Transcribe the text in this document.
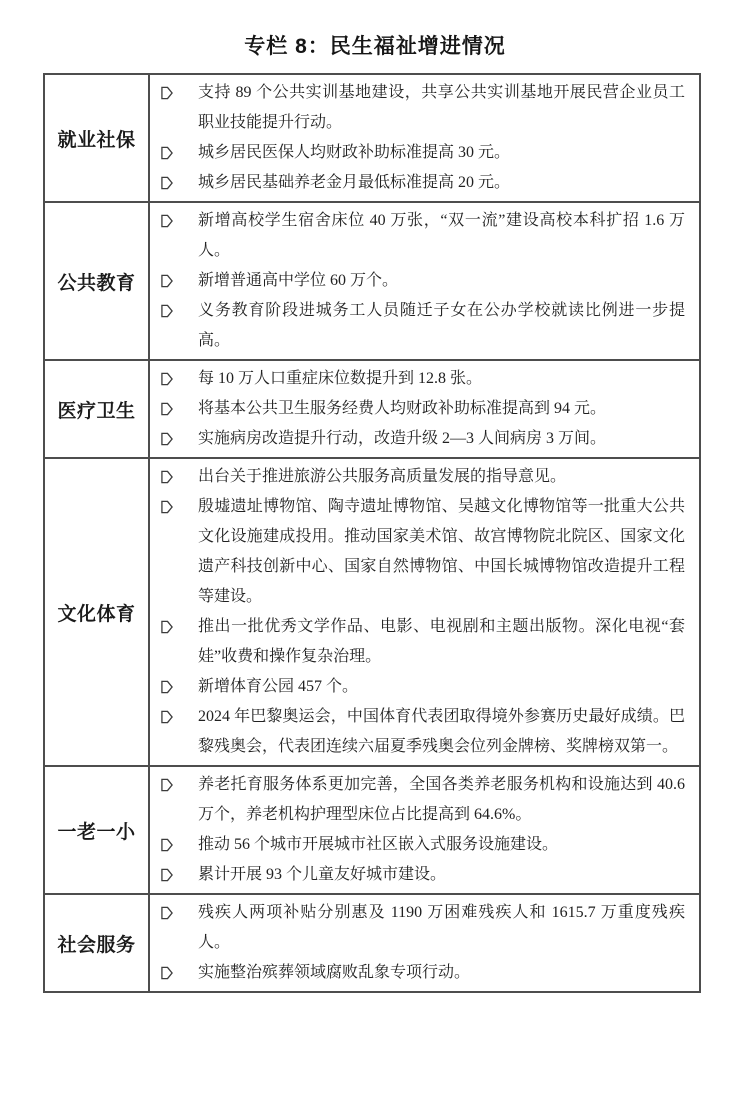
专栏 8：民生福祉增进情况
就业社保
支持 89 个公共实训基地建设，共享公共实训基地开展民营企业员工职业技能提升行动。
城乡居民医保人均财政补助标准提高 30 元。
城乡居民基础养老金月最低标准提高 20 元。
公共教育
新增高校学生宿舍床位 40 万张，“双一流”建设高校本科扩招 1.6 万人。
新增普通高中学位 60 万个。
义务教育阶段进城务工人员随迁子女在公办学校就读比例进一步提高。
医疗卫生
每 10 万人口重症床位数提升到 12.8 张。
将基本公共卫生服务经费人均财政补助标准提高到 94 元。
实施病房改造提升行动，改造升级 2—3 人间病房 3 万间。
文化体育
出台关于推进旅游公共服务高质量发展的指导意见。
殷墟遗址博物馆、陶寺遗址博物馆、吴越文化博物馆等一批重大公共文化设施建成投用。推动国家美术馆、故宫博物院北院区、国家文化遗产科技创新中心、国家自然博物馆、中国长城博物馆改造提升工程等建设。
推出一批优秀文学作品、电影、电视剧和主题出版物。深化电视“套娃”收费和操作复杂治理。
新增体育公园 457 个。
2024 年巴黎奥运会，中国体育代表团取得境外参赛历史最好成绩。巴黎残奥会，代表团连续六届夏季残奥会位列金牌榜、奖牌榜双第一。
一老一小
养老托育服务体系更加完善，全国各类养老服务机构和设施达到 40.6 万个，养老机构护理型床位占比提高到 64.6%。
推动 56 个城市开展城市社区嵌入式服务设施建设。
累计开展 93 个儿童友好城市建设。
社会服务
残疾人两项补贴分别惠及 1190 万困难残疾人和 1615.7 万重度残疾人。
实施整治殡葬领域腐败乱象专项行动。
